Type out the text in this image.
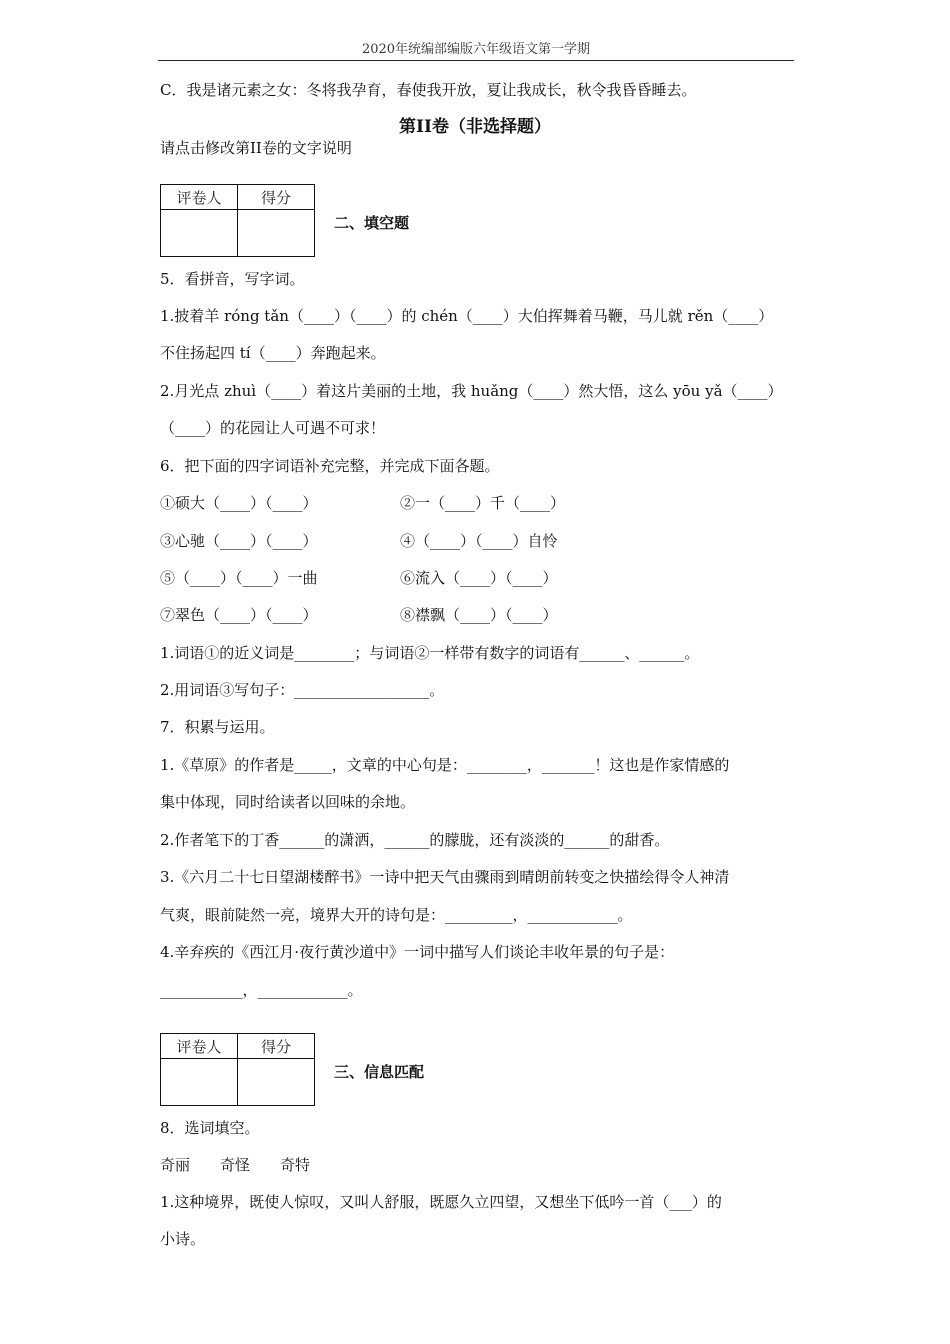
2020年统编部编版六年级语文第一学期
C．我是诸元素之女：冬将我孕育，春使我开放，夏让我成长，秋令我昏昏睡去。
第II卷（非选择题）
请点击修改第II卷的文字说明
评卷人	得分

二、填空题
5．看拼音，写字词。
1.披着羊 róng tǎn（____）（____）的 chén（____）大伯挥舞着马鞭，马儿就 rěn（____）
不住扬起四 tí（____）奔跑起来。
2.月光点 zhuì（____）着这片美丽的土地，我 huǎng（____）然大悟，这么 yōu yǎ（____）
（____）的花园让人可遇不可求！
6．把下面的四字词语补充完整，并完成下面各题。
①硕大（____）（____）	②一（____）千（____）
③心驰（____）（____）	④（____）（____）自怜
⑤（____）（____）一曲	⑥流入（____）（____）
⑦翠色（____）（____）	⑧襟飘（____）（____）
1.词语①的近义词是________；与词语②一样带有数字的词语有______、______。
2.用词语③写句子：__________________。
7．积累与运用。
1.《草原》的作者是_____，文章的中心句是：________，_______！这也是作家情感的
集中体现，同时给读者以回味的余地。
2.作者笔下的丁香______的潇洒，______的朦胧，还有淡淡的______的甜香。
3.《六月二十七日望湖楼醉书》一诗中把天气由骤雨到晴朗前转变之快描绘得令人神清
气爽，眼前陡然一亮，境界大开的诗句是：_________，____________。
4.辛弃疾的《西江月·夜行黄沙道中》一词中描写人们谈论丰收年景的句子是：
___________，____________。
评卷人	得分

三、信息匹配
8．选词填空。
奇丽　　奇怪　　奇特
1.这种境界，既使人惊叹，又叫人舒服，既愿久立四望，又想坐下低吟一首（___）的
小诗。
